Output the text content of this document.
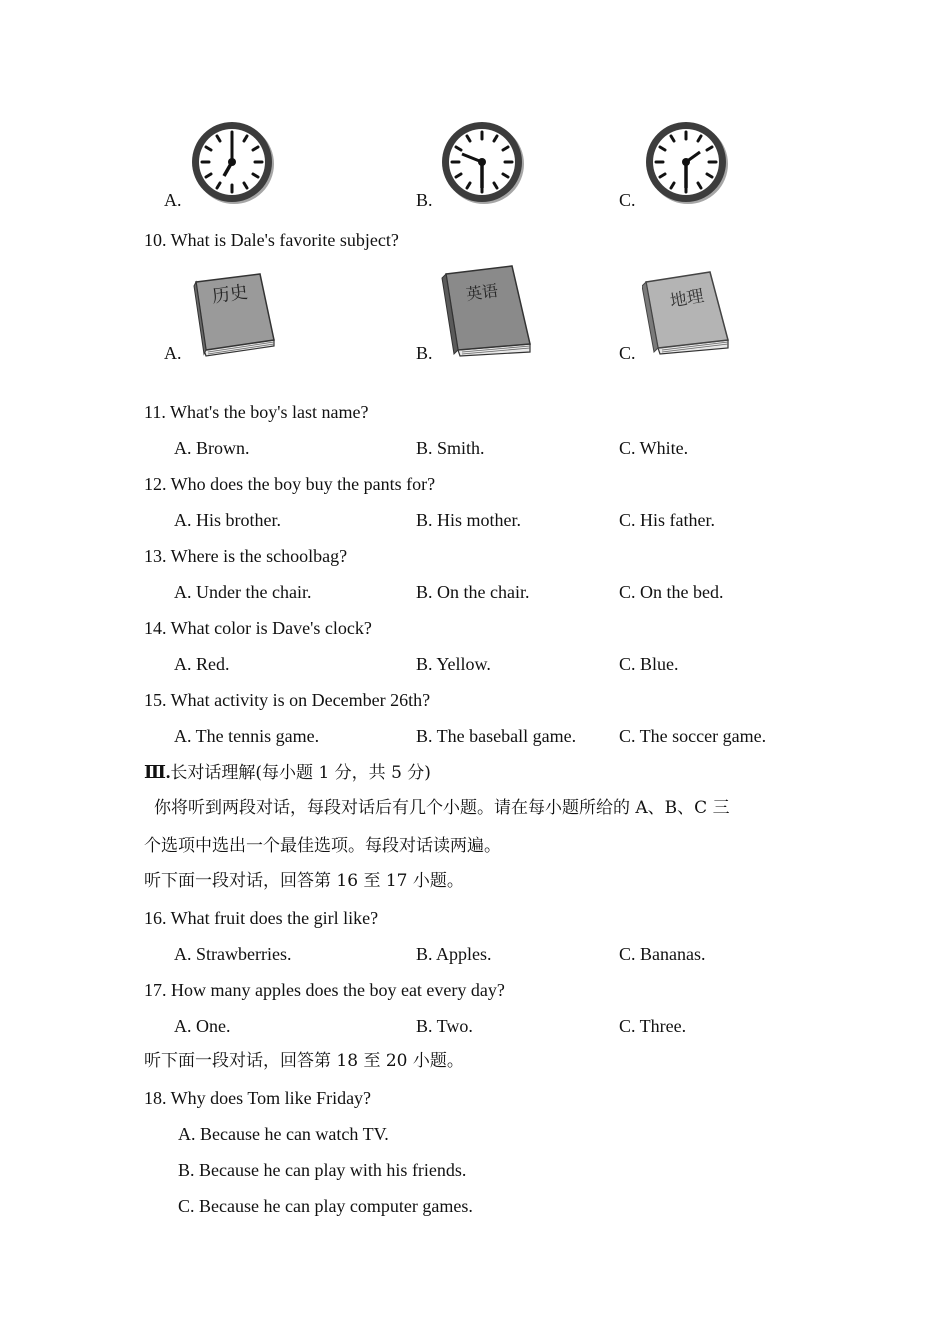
A.	B.	C.
10. What is Dale's favorite subject?
A.
历史
B.
英语
C.
地理
11. What's the boy's last name?
A. Brown.	B. Smith.	C. White.
12. Who does the boy buy the pants for?
A. His brother.	B. His mother.	C. His father.
13. Where is the schoolbag?
A. Under the chair.	B. On the chair.	C. On the bed.
14. What color is Dave's clock?
A. Red.	B. Yellow.	C. Blue.
15. What activity is on December 26th?
A. The tennis game.	B. The baseball game. C. The soccer game.
Ⅲ.长对话理解(每小题 1 分，共 5 分)
你将听到两段对话，每段对话后有几个小题。请在每小题所给的 A、B、C 三
个选项中选出一个最佳选项。每段对话读两遍。
听下面一段对话，回答第 16 至 17 小题。
16. What fruit does the girl like?
A. Strawberries.	B. Apples.	C. Bananas.
17. How many apples does the boy eat every day?
A. One.	B. Two.	C. Three.
听下面一段对话，回答第 18 至 20 小题。
18. Why does Tom like Friday?
A. Because he can watch TV.
B. Because he can play with his friends.
C. Because he can play computer games.
